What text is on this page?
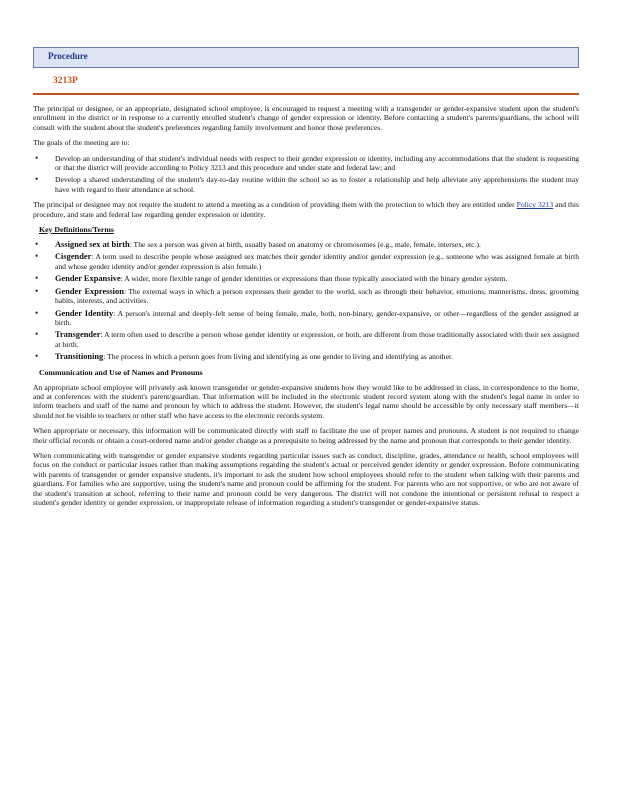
Procedure
3213P

The principal or designee, or an appropriate, designated school employee, is encouraged to request a meeting with a transgender or gender-expansive student upon the student's enrollment in the district or in response to a currently enrolled student's change of gender expression or identity. Before contacting a student's parents/guardians, the school will consult with the student about the student's preferences regarding family involvement and honor those preferences.

The goals of the meeting are to:

• Develop an understanding of that student's individual needs with respect to their gender expression or identity, including any accommodations that the student is requesting or that the district will provide according to Policy 3213 and this procedure and under state and federal law; and
• Develop a shared understanding of the student's day-to-day routine within the school so as to foster a relationship and help alleviate any apprehensions the student may have with regard to their attendance at school.

The principal or designee may not require the student to attend a meeting as a condition of providing them with the protection to which they are entitled under Policy 3213 and this procedure, and state and federal law regarding gender expression or identity.

Key Definitions/Terms
• Assigned sex at birth: The sex a person was given at birth, usually based on anatomy or chromosomes (e.g., male, female, intersex, etc.).
• Cisgender: A term used to describe people whose assigned sex matches their gender identity and/or gender expression (e.g., someone who was assigned female at birth and whose gender identity and/or gender expression is also female.)
• Gender Expansive: A wider, more flexible range of gender identities or expressions than those typically associated with the binary gender system.
• Gender Expression: The external ways in which a person expresses their gender to the world, such as through their behavior, emotions, mannerisms, dress, grooming habits, interests, and activities.
• Gender Identity: A person's internal and deeply-felt sense of being female, male, both, non-binary, gender-expansive, or other—regardless of the gender assigned at birth.
• Transgender: A term often used to describe a person whose gender identity or expression, or both, are different from those traditionally associated with their sex assigned at birth.
• Transitioning: The process in which a person goes from living and identifying as one gender to living and identifying as another.
Communication and Use of Names and Pronouns

An appropriate school employee will privately ask known transgender or gender-expansive students how they would like to be addressed in class, in correspondence to the home, and at conferences with the student's parent/guardian. That information will be included in the electronic student record system along with the student's legal name in order to inform teachers and staff of the name and pronoun by which to address the student. However, the student's legal name should be accessible by only necessary staff members—it should not be visible to teachers or other staff who have access to the electronic records system.

When appropriate or necessary, this information will be communicated directly with staff to facilitate the use of proper names and pronouns. A student is not required to change their official records or obtain a court-ordered name and/or gender change as a prerequisite to being addressed by the name and pronoun that corresponds to their gender identity.

When communicating with transgender or gender expansive students regarding particular issues such as conduct, discipline, grades, attendance or health, school employees will focus on the conduct or particular issues rather than making assumptions regarding the student's actual or perceived gender identity or gender expression. Before communicating with parents of transgender or gender expansive students, it's important to ask the student how school employees should refer to the student when talking with their parents and guardians. For families who are supportive, using the student's name and pronoun could be affirming for the student. For parents who are not supportive, or who are not aware of the student's transition at school, referring to their name and pronoun could be very dangerous. The district will not condone the intentional or persistent refusal to respect a student's gender identity or gender expression, or inappropriate release of information regarding a student's transgender or gender-expansive status.
